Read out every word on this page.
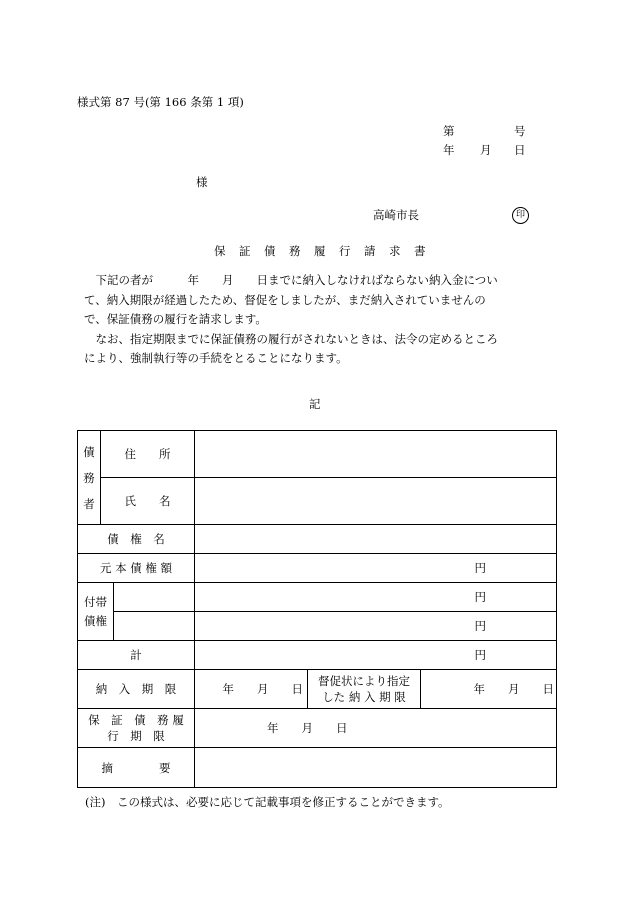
様式第 87 号(第 166 条第 1 項)
第	号
年 月 日
様
高崎市長	印
保　証　債　務　履　行　請　求　書

　下記の者が　　　年　　月　　日までに納入しなければならない納入金につい

て、納入期限が経過したため、督促をしましたが、まだ納入されていませんの

で、保証債務の履行を請求します。

　なお、指定期限までに保証債務の履行がされないときは、法令の定めるところ

により、強制執行等の手続をとることになります。

記
債務者	住　　所				
	氏　　名				
債　権　名					
元 本 債 権 額			円		

付帯債権			円		
			円		
計			円		
納　入　期　限			年　　月　　日	督促状により指定した 納 入 期 限	年　　月　　日

保　証　債　務 履　行　期　限			年　　月　　日		
摘　　　　要					
(注)　この様式は、必要に応じて記載事項を修正することができます。
